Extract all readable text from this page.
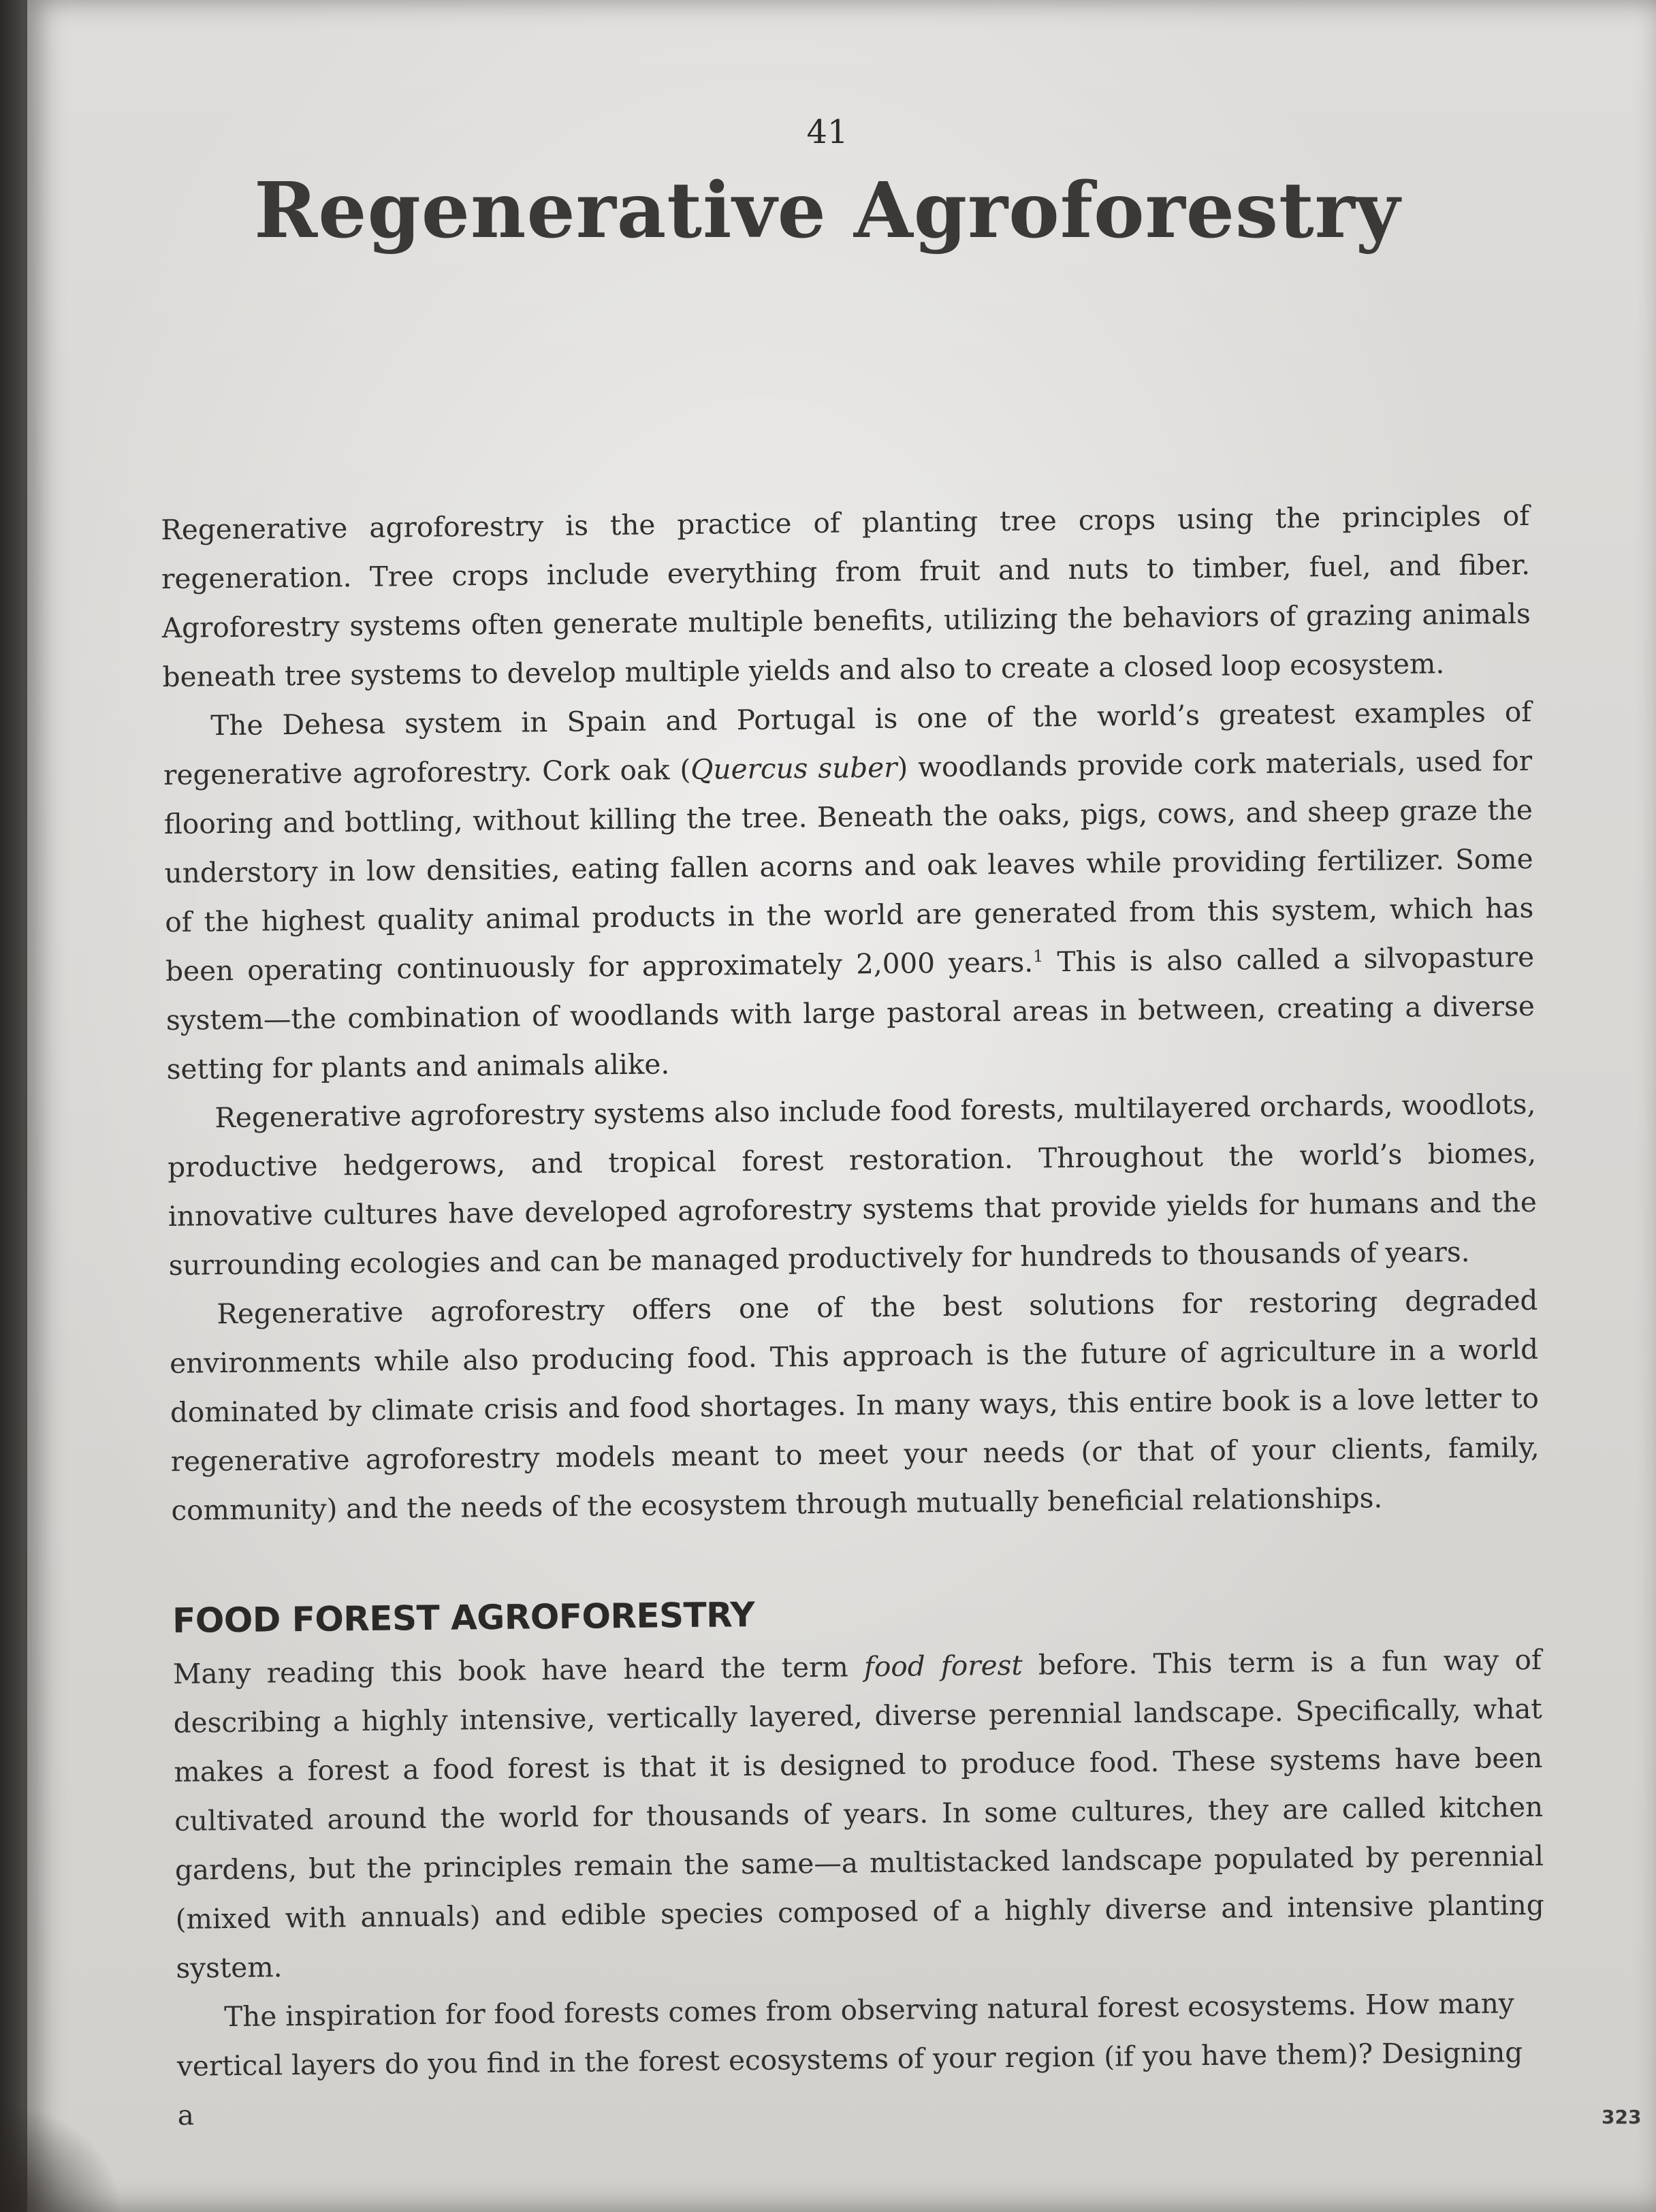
41
Regenerative Agroforestry

Regenerative agroforestry is the practice of planting tree crops using the principles of regeneration. Tree crops include everything from fruit and nuts to timber, fuel, and fiber. Agroforestry systems often generate multiple benefits, utilizing the behaviors of grazing animals beneath tree systems to develop multiple yields and also to create a closed loop ecosystem.

The Dehesa system in Spain and Portugal is one of the world’s greatest examples of regenerative agroforestry. Cork oak (Quercus suber) woodlands provide cork materials, used for flooring and bottling, without killing the tree. Beneath the oaks, pigs, cows, and sheep graze the understory in low densities, eating fallen acorns and oak leaves while providing fertilizer. Some of the highest quality animal products in the world are generated from this system, which has been operating continuously for approximately 2,000 years.$^1$ This is also called a silvopasture system—the combination of woodlands with large pastoral areas in between, creating a diverse setting for plants and animals alike.

Regenerative agroforestry systems also include food forests, multilayered orchards, woodlots, productive hedgerows, and tropical forest restoration. Throughout the world’s biomes, innovative cultures have developed agroforestry systems that provide yields for humans and the surrounding ecologies and can be managed productively for hundreds to thousands of years.

Regenerative agroforestry offers one of the best solutions for restoring degraded environments while also producing food. This approach is the future of agriculture in a world dominated by climate crisis and food shortages. In many ways, this entire book is a love letter to regenerative agroforestry models meant to meet your needs (or that of your clients, family, community) and the needs of the ecosystem through mutually beneficial relationships.

FOOD FOREST AGROFORESTRY

Many reading this book have heard the term food forest before. This term is a fun way of describing a highly intensive, vertically layered, diverse perennial landscape. Specifically, what makes a forest a food forest is that it is designed to produce food. These systems have been cultivated around the world for thousands of years. In some cultures, they are called kitchen gardens, but the principles remain the same—a multistacked landscape populated by perennial (mixed with annuals) and edible species composed of a highly diverse and intensive planting system.

The inspiration for food forests comes from observing natural forest ecosystems. How many vertical layers do you find in the forest ecosystems of your region (if you have them)? Designing a	323
